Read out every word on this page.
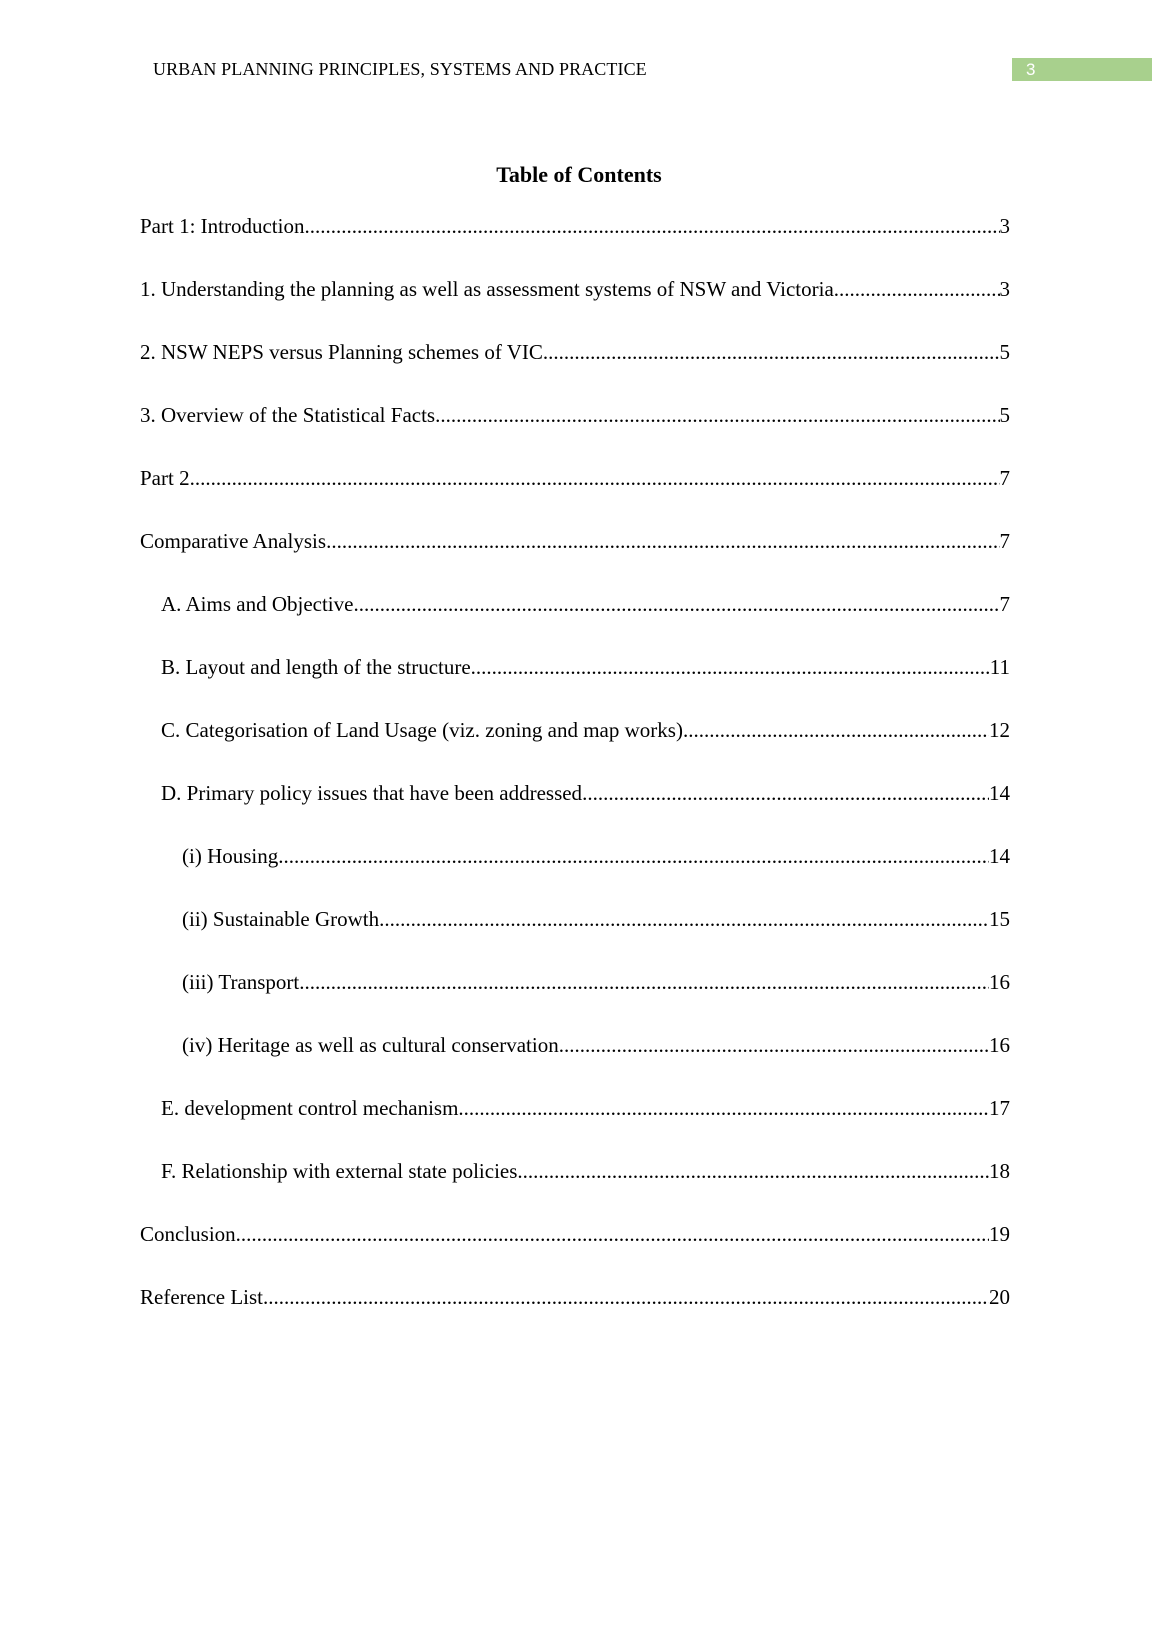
URBAN PLANNING PRINCIPLES, SYSTEMS AND PRACTICE	3
Table of Contents
Part 1: Introduction .....	3
1. Understanding the planning as well as assessment systems of NSW and Victoria .....	3
2. NSW NEPS versus Planning schemes of VIC .....	5
3. Overview of the Statistical Facts .....	5
Part 2 .....	7
Comparative Analysis .....	7
A. Aims and Objective .....	7
B. Layout and length of the structure .....	11
C. Categorisation of Land Usage (viz. zoning and map works) .....	12
D. Primary policy issues that have been addressed .....	14
(i) Housing .....	14
(ii) Sustainable Growth .....	15
(iii) Transport .....	16
(iv) Heritage as well as cultural conservation .....	16
E. development control mechanism .....	17
F. Relationship with external state policies .....	18
Conclusion .....	19
Reference List .....	20
